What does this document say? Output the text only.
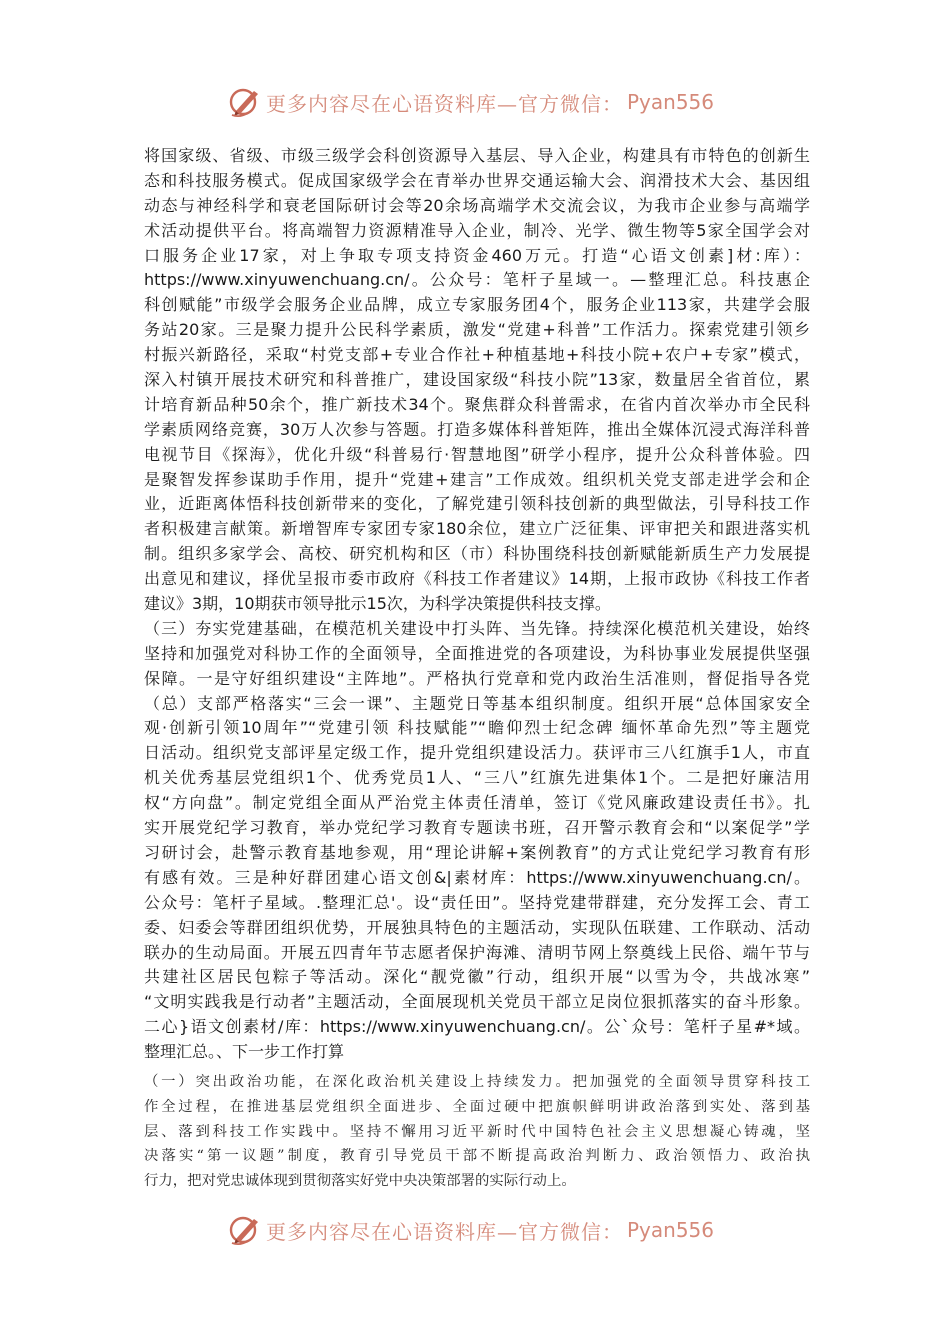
更多内容尽在心语资料库—官方微信： Pyan556
将国家级、省级、市级三级学会科创资源导入基层、导入企业，构建具有市特色的创新生
态和科技服务模式。促成国家级学会在青举办世界交通运输大会、润滑技术大会、基因组
动态与神经科学和衰老国际研讨会等20余场高端学术交流会议，为我市企业参与高端学
术活动提供平台。将高端智力资源精准导入企业，制冷、光学、微生物等5家全国学会对
口服务企业17家，对上争取专项支持资金460万元。打造“心语文创素]材:库）：
https://www.xinyuwenchuang.cn/。公众号：笔杆子星域一。—整理汇总。科技惠企
科创赋能”市级学会服务企业品牌，成立专家服务团4个，服务企业113家，共建学会服
务站20家。三是聚力提升公民科学素质，激发“党建+科普”工作活力。探索党建引领乡
村振兴新路径，采取“村党支部+专业合作社+种植基地+科技小院+农户+专家”模式，
深入村镇开展技术研究和科普推广，建设国家级“科技小院”13家，数量居全省首位，累
计培育新品种50余个，推广新技术34个。聚焦群众科普需求，在省内首次举办市全民科
学素质网络竞赛，30万人次参与答题。打造多媒体科普矩阵，推出全媒体沉浸式海洋科普
电视节目《探海》，优化升级“科普易行·智慧地图”研学小程序，提升公众科普体验。四
是聚智发挥参谋助手作用，提升“党建+建言”工作成效。组织机关党支部走进学会和企
业，近距离体悟科技创新带来的变化，了解党建引领科技创新的典型做法，引导科技工作
者积极建言献策。新增智库专家团专家180余位，建立广泛征集、评审把关和跟进落实机
制。组织多家学会、高校、研究机构和区（市）科协围绕科技创新赋能新质生产力发展提
出意见和建议，择优呈报市委市政府《科技工作者建议》14期，上报市政协《科技工作者
建议》3期，10期获市领导批示15次，为科学决策提供科技支撑。
（三）夯实党建基础，在模范机关建设中打头阵、当先锋。持续深化模范机关建设，始终
坚持和加强党对科协工作的全面领导，全面推进党的各项建设，为科协事业发展提供坚强
保障。一是守好组织建设“主阵地”。严格执行党章和党内政治生活准则，督促指导各党
（总）支部严格落实“三会一课”、主题党日等基本组织制度。组织开展“总体国家安全
观·创新引领10周年”“党建引领 科技赋能”“瞻仰烈士纪念碑 缅怀革命先烈”等主题党
日活动。组织党支部评星定级工作，提升党组织建设活力。获评市三八红旗手1人，市直
机关优秀基层党组织1个、优秀党员1人、“三八”红旗先进集体1个。二是把好廉洁用
权“方向盘”。制定党组全面从严治党主体责任清单，签订《党风廉政建设责任书》。扎
实开展党纪学习教育，举办党纪学习教育专题读书班，召开警示教育会和“以案促学”学
习研讨会，赴警示教育基地参观，用“理论讲解+案例教育”的方式让党纪学习教育有形
有感有效。三是种好群团建心语文创&|素材库：https://www.xinyuwenchuang.cn/。
公众号：笔杆子星域。.整理汇总'。设“责任田”。坚持党建带群建，充分发挥工会、青工
委、妇委会等群团组织优势，开展独具特色的主题活动，实现队伍联建、工作联动、活动
联办的生动局面。开展五四青年节志愿者保护海滩、清明节网上祭奠线上民俗、端午节与
共建社区居民包粽子等活动。深化“靓党徽”行动，组织开展“以雪为令，共战冰寒”
“文明实践我是行动者”主题活动，全面展现机关党员干部立足岗位狠抓落实的奋斗形象。
二心}语文创素材/库：https://www.xinyuwenchuang.cn/。公`众号：笔杆子星#*域。
整理汇总。、下一步工作打算
（一）突出政治功能，在深化政治机关建设上持续发力。把加强党的全面领导贯穿科技工
作全过程，在推进基层党组织全面进步、全面过硬中把旗帜鲜明讲政治落到实处、落到基
层、落到科技工作实践中。坚持不懈用习近平新时代中国特色社会主义思想凝心铸魂，坚
决落实“第一议题”制度，教育引导党员干部不断提高政治判断力、政治领悟力、政治执
行力，把对党忠诚体现到贯彻落实好党中央决策部署的实际行动上。
更多内容尽在心语资料库—官方微信： Pyan556
